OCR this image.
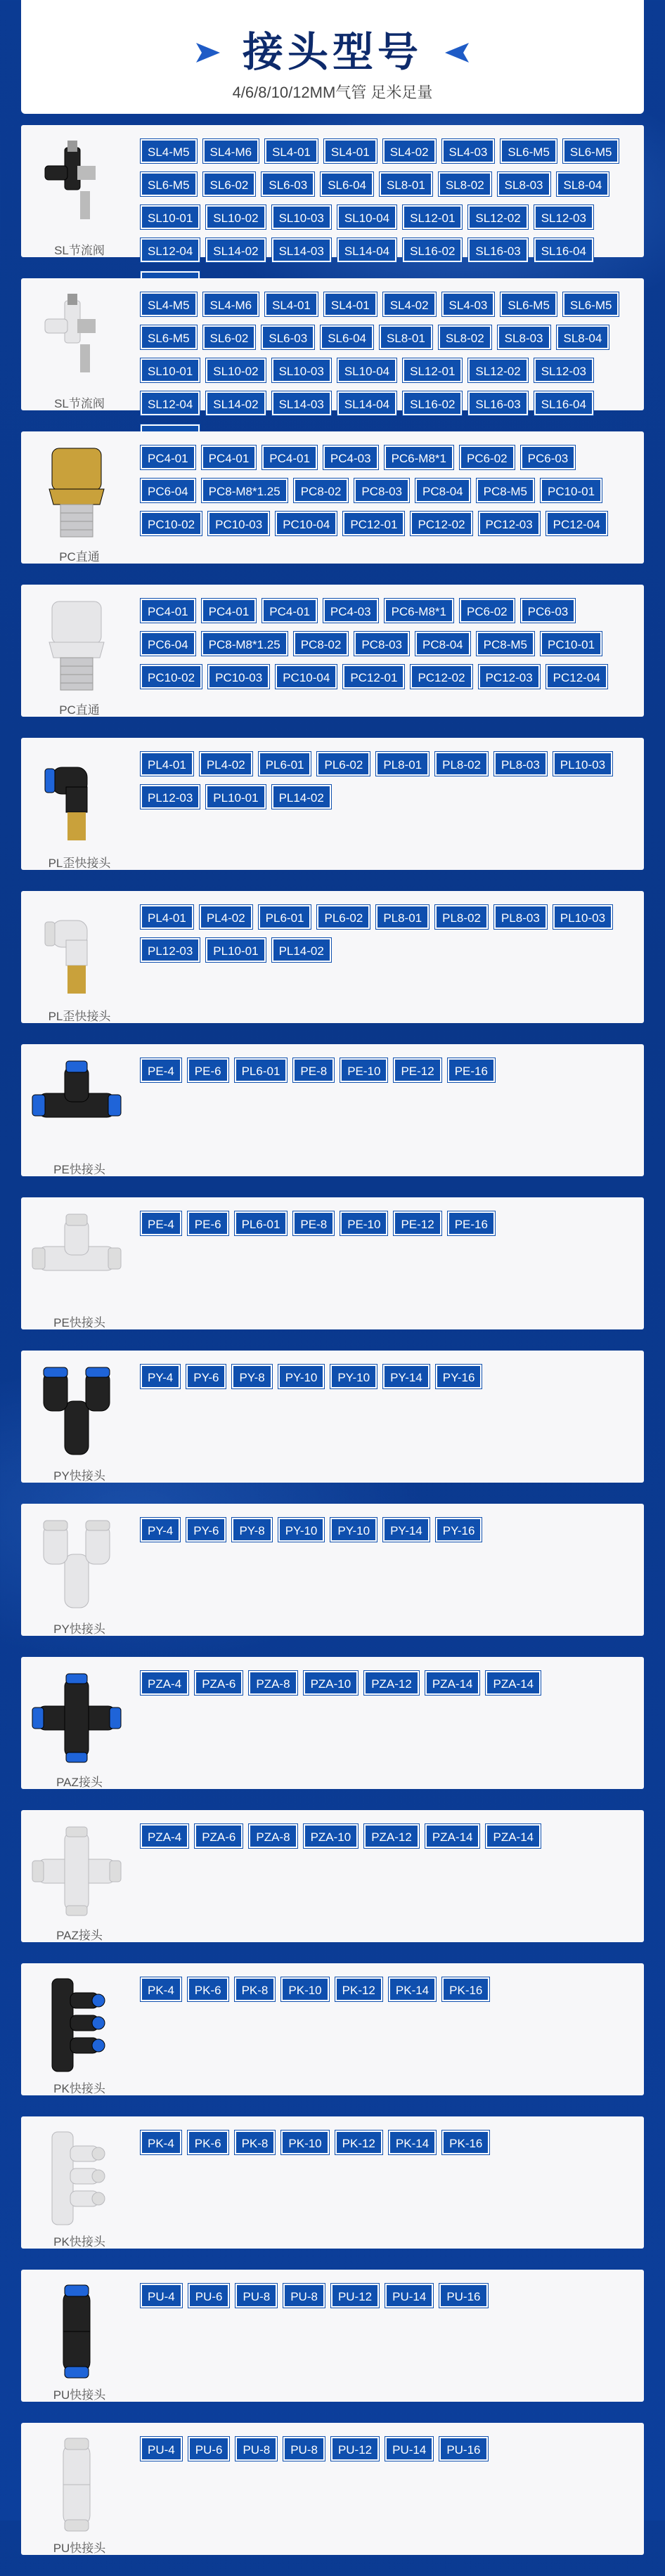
接头型号
4/6/8/10/12MM气管 足米足量
SL节流阀
SL4-M5	SL4-M6	SL4-01	SL4-01	SL4-02	SL4-03	SL6-M5	SL6-M5
SL6-M5	SL6-02	SL6-03	SL6-04	SL8-01	SL8-02	SL8-03	SL8-04
SL10-01	SL10-02	SL10-03	SL10-04	SL12-01	SL12-02	SL12-03
SL12-04	SL14-02	SL14-03	SL14-04	SL16-02	SL16-03	SL16-04
SL节流阀
SL4-M5	SL4-M6	SL4-01	SL4-01	SL4-02	SL4-03	SL6-M5	SL6-M5
SL6-M5	SL6-02	SL6-03	SL6-04	SL8-01	SL8-02	SL8-03	SL8-04
SL10-01	SL10-02	SL10-03	SL10-04	SL12-01	SL12-02	SL12-03
SL12-04	SL14-02	SL14-03	SL14-04	SL16-02	SL16-03	SL16-04
PC直通
PC4-01	PC4-01	PC4-01	PC4-03	PC6-M8*1	PC6-02	PC6-03
PC6-04	PC8-M8*1.25	PC8-02	PC8-03	PC8-04	PC8-M5	PC10-01
PC10-02	PC10-03	PC10-04	PC12-01	PC12-02	PC12-03	PC12-04
PC直通
PC4-01	PC4-01	PC4-01	PC4-03	PC6-M8*1	PC6-02	PC6-03
PC6-04	PC8-M8*1.25	PC8-02	PC8-03	PC8-04	PC8-M5	PC10-01
PC10-02	PC10-03	PC10-04	PC12-01	PC12-02	PC12-03	PC12-04
PL歪快接头
PL4-01	PL4-02	PL6-01	PL6-02	PL8-01	PL8-02	PL8-03	PL10-03
PL12-03	PL10-01	PL14-02
PL歪快接头
PL4-01	PL4-02	PL6-01	PL6-02	PL8-01	PL8-02	PL8-03	PL10-03
PL12-03	PL10-01	PL14-02
PE快接头
PE-4	PE-6	PL6-01	PE-8	PE-10	PE-12	PE-16
PE快接头
PE-4	PE-6	PL6-01	PE-8	PE-10	PE-12	PE-16
PY快接头
PY-4	PY-6	PY-8	PY-10	PY-10	PY-14	PY-16
PY快接头
PY-4	PY-6	PY-8	PY-10	PY-10	PY-14	PY-16
PAZ接头
PZA-4	PZA-6	PZA-8	PZA-10	PZA-12	PZA-14	PZA-14
PAZ接头
PZA-4	PZA-6	PZA-8	PZA-10	PZA-12	PZA-14	PZA-14
PK快接头
PK-4	PK-6	PK-8	PK-10	PK-12	PK-14	PK-16
PK快接头
PK-4	PK-6	PK-8	PK-10	PK-12	PK-14	PK-16
PU快接头
PU-4	PU-6	PU-8	PU-8	PU-12	PU-14	PU-16
PU快接头
PU-4	PU-6	PU-8	PU-8	PU-12	PU-14	PU-16
